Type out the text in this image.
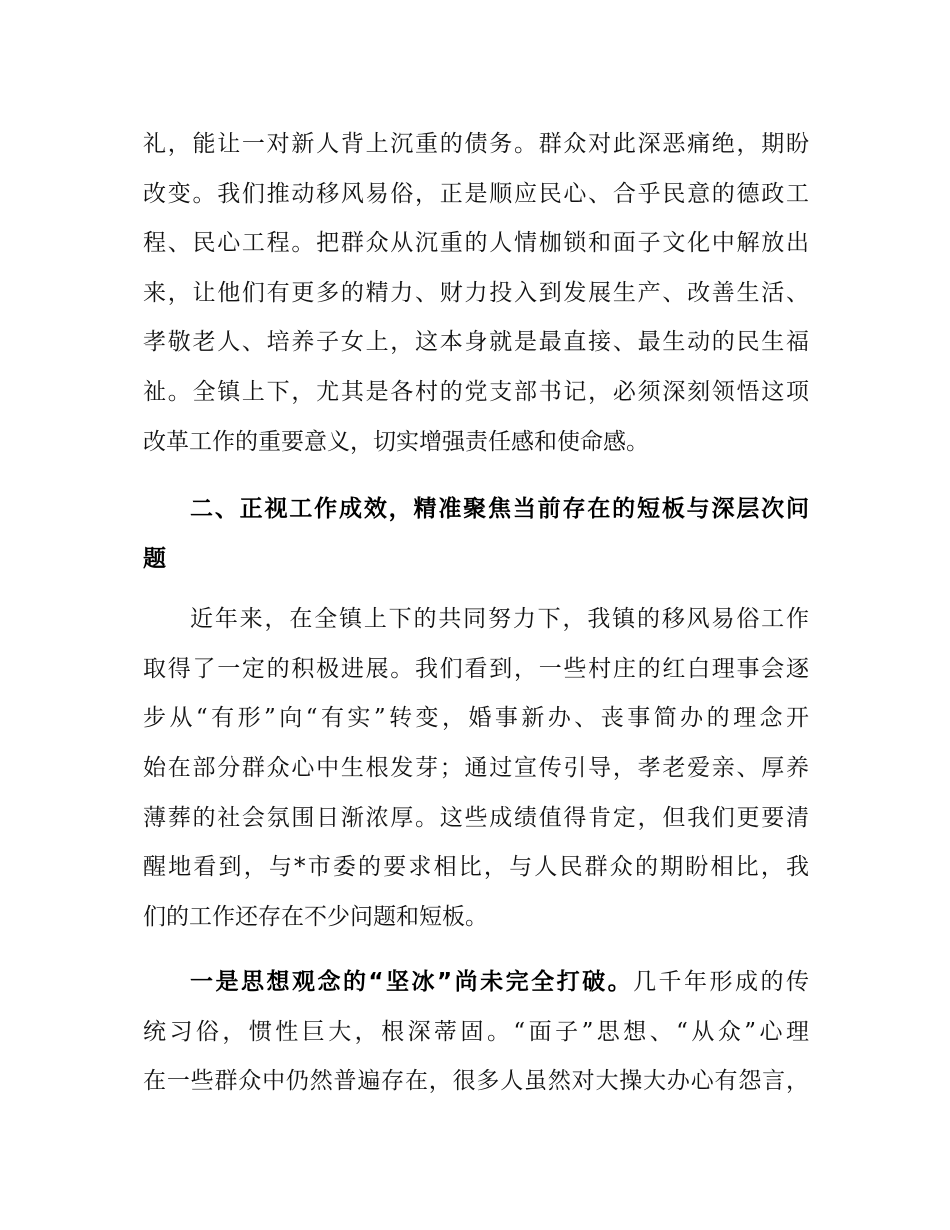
礼，能让一对新人背上沉重的债务。群众对此深恶痛绝，期盼
改变。我们推动移风易俗，正是顺应民心、合乎民意的德政工
程、民心工程。把群众从沉重的人情枷锁和面子文化中解放出
来，让他们有更多的精力、财力投入到发展生产、改善生活、
孝敬老人、培养子女上，这本身就是最直接、最生动的民生福
祉。全镇上下，尤其是各村的党支部书记，必须深刻领悟这项
改革工作的重要意义，切实增强责任感和使命感。
二、正视工作成效，精准聚焦当前存在的短板与深层次问
题
近年来，在全镇上下的共同努力下，我镇的移风易俗工作
取得了一定的积极进展。我们看到，一些村庄的红白理事会逐
步从“有形”向“有实”转变，婚事新办、丧事简办的理念开
始在部分群众心中生根发芽；通过宣传引导，孝老爱亲、厚养
薄葬的社会氛围日渐浓厚。这些成绩值得肯定，但我们更要清
醒地看到，与*市委的要求相比，与人民群众的期盼相比，我
们的工作还存在不少问题和短板。
一是思想观念的“坚冰”尚未完全打破。几千年形成的传
统习俗，惯性巨大，根深蒂固。“面子”思想、“从众”心理
在一些群众中仍然普遍存在，很多人虽然对大操大办心有怨言，
